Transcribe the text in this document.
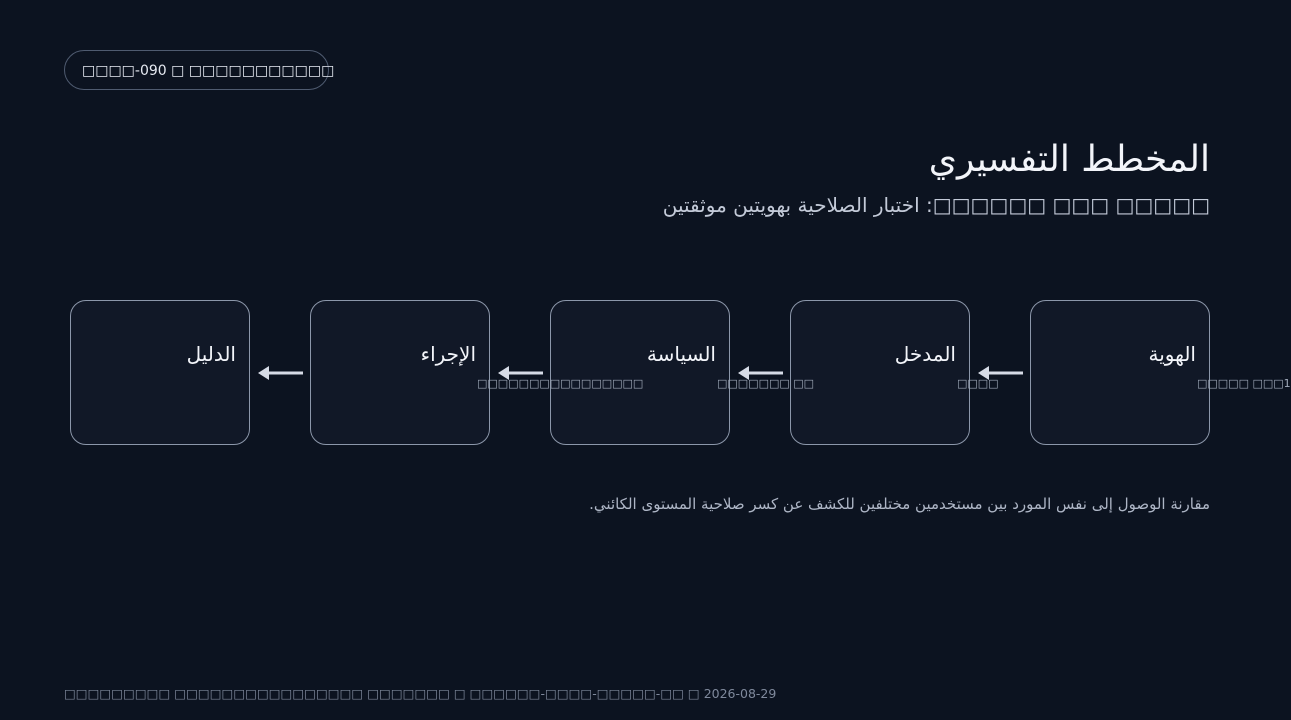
□□□□-090 □ □□□□□□□□□□□
المخطط التفسيري
□□□□□ □□□ □□□□□□: اختبار الصلاحية بهويتين موثقتين
الهوية
□□□□□ □□□1
المدخل
□□□□
السياسة
□□□□□□□ □□
الإجراء
□□□□□□□□□□□□□□□□
الدليل
مقارنة الوصول إلى نفس المورد بين مستخدمين مختلفين للكشف عن كسر صلاحية المستوى الكائني.
□□□□□□□□□ □□□□□□□□□□□□□□□□ □□□□□□□ □ □□□□□□-□□□□-□□□□□-□□ □ 2026-08-29
